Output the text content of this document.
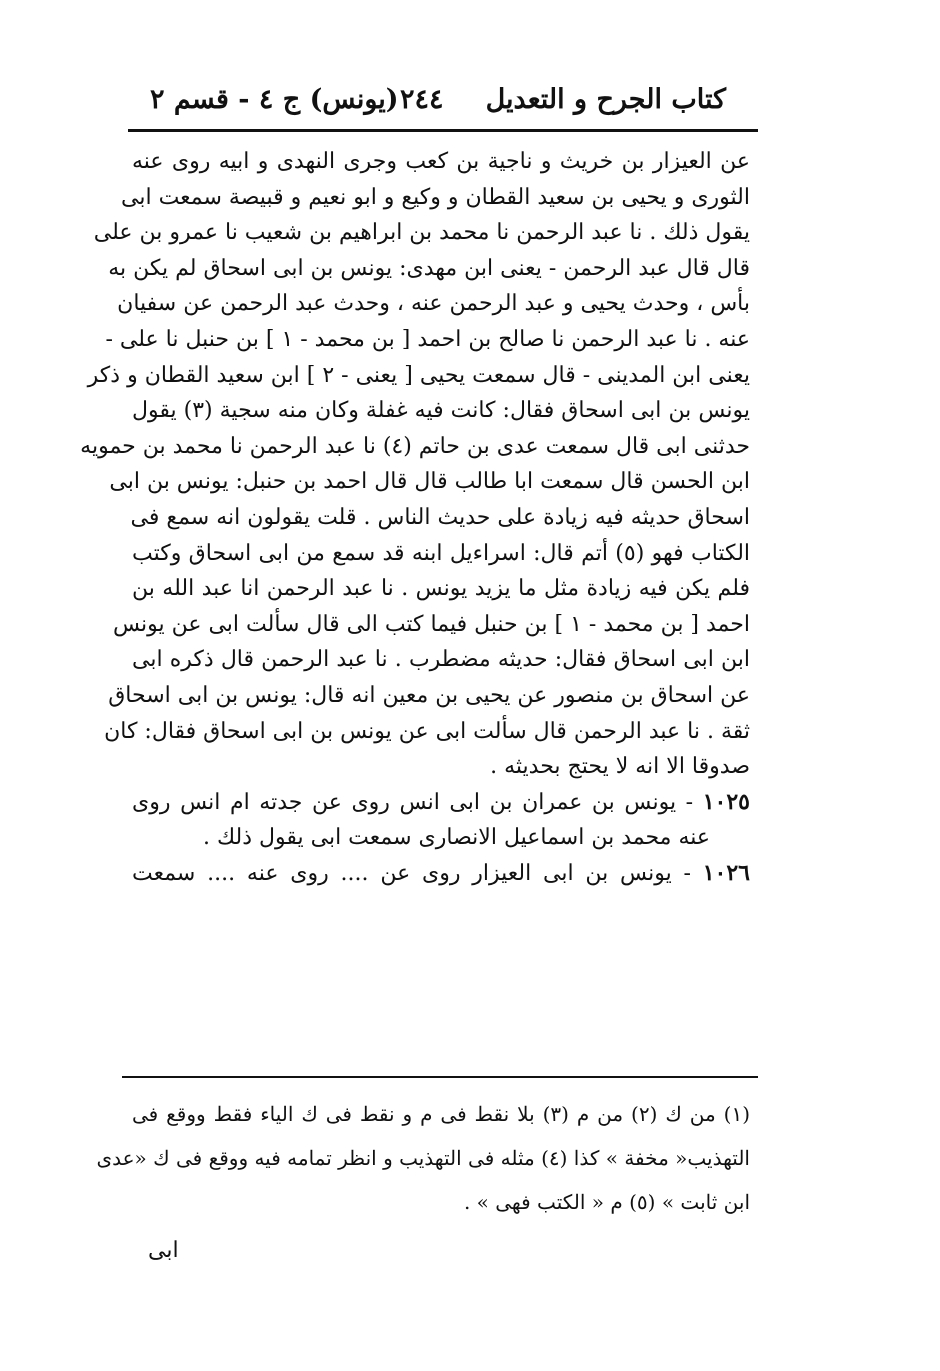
كتاب الجرح و التعديل
٢٤٤
(يونس) ج ٤ - قسم ٢
عن العيزار بن خريث و ناجية بن كعب وجرى النهدى و ابيه روى عنه
الثورى و يحيى بن سعيد القطان و وكيع و ابو نعيم و قبيصة سمعت ابى
يقول ذلك . نا عبد الرحمن نا محمد بن ابراهيم بن شعيب نا عمرو بن على
قال قال عبد الرحمن - يعنى ابن مهدى: يونس بن ابى اسحاق لم يكن به
بأس ، وحدث يحيى و عبد الرحمن عنه ، وحدث عبد الرحمن عن سفيان
عنه . نا عبد الرحمن نا صالح بن احمد [ بن محمد - ١ ] بن حنبل نا على -
يعنى ابن المدينى - قال سمعت يحيى [ يعنى - ٢ ] ابن سعيد القطان و ذكر
يونس بن ابى اسحاق فقال: كانت فيه غفلة وكان منه سجية (٣) يقول
حدثنى ابى قال سمعت عدى بن حاتم (٤) نا عبد الرحمن نا محمد بن حمويه
ابن الحسن قال سمعت ابا طالب قال قال احمد بن حنبل: يونس بن ابى
اسحاق حديثه فيه زيادة على حديث الناس . قلت يقولون انه سمع فى
الكتاب فهو (٥) أتم قال: اسراءيل ابنه قد سمع من ابى اسحاق وكتب
فلم يكن فيه زيادة مثل ما يزيد يونس . نا عبد الرحمن انا عبد الله بن
احمد [ بن محمد - ١ ] بن حنبل فيما كتب الى قال سألت ابى عن يونس
ابن ابى اسحاق فقال: حديثه مضطرب . نا عبد الرحمن قال ذكره ابى
عن اسحاق بن منصور عن يحيى بن معين انه قال: يونس بن ابى اسحاق
ثقة . نا عبد الرحمن قال سألت ابى عن يونس بن ابى اسحاق فقال: كان
صدوقا الا انه لا يحتج بحديثه .
١٠٢٥ - يونس بن عمران بن ابى انس روى عن جدته ام انس روى
عنه محمد بن اسماعيل الانصارى سمعت ابى يقول ذلك .
١٠٢٦ - يونس بن ابى العيزار روى عن .... روى عنه .... سمعت
(١) من ك (٢) من م (٣) بلا نقط فى م و نقط فى ك الياء فقط ووقع فى
التهذيب« مخفة » كذا (٤) مثله فى التهذيب و انظر تمامه فيه ووقع فى ك «عدى
ابن ثابت » (٥) م « الكتب فهى » .
ابى
